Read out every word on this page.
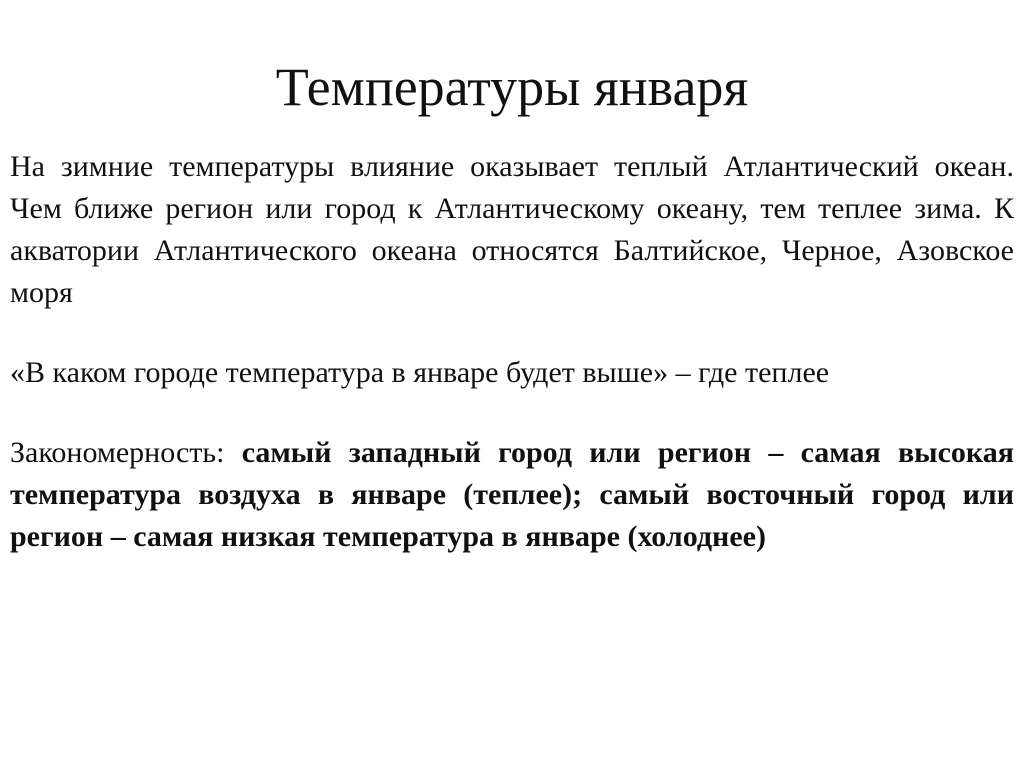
Температуры января

На зимние температуры влияние оказывает теплый Атлантический океан. Чем ближе регион или город к Атлантическому океану, тем теплее зима. К акватории Атлантического океана относятся Балтийское, Черное, Азовское моря

«В каком городе температура в январе будет выше» – где теплее

Закономерность: самый западный город или регион – самая высокая температура воздуха в январе (теплее); самый восточный город или регион – самая низкая температура в январе (холоднее)
